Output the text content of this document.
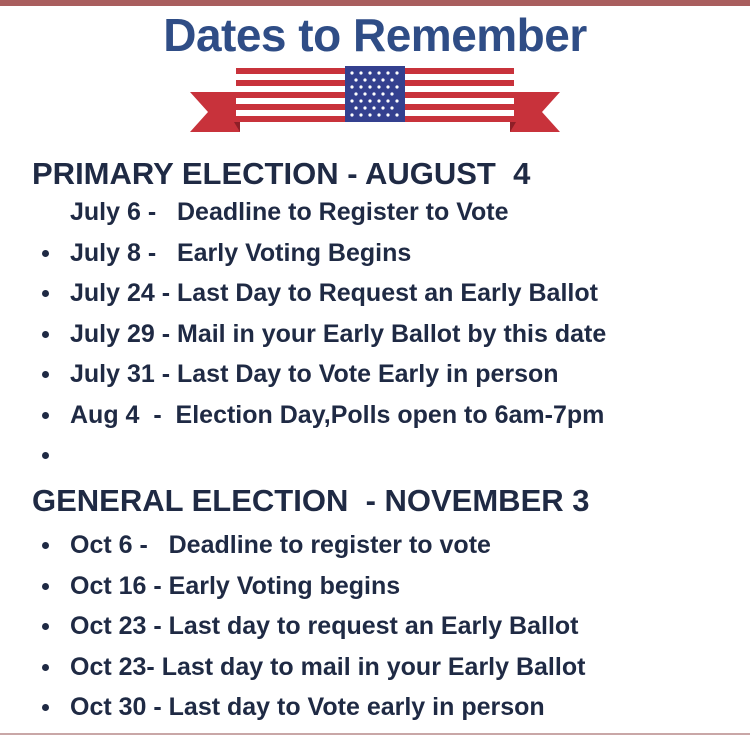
Dates to Remember
PRIMARY ELECTION - AUGUST  4
July 6 -   Deadline to Register to Vote
July 8 -   Early Voting Begins
July 24 - Last Day to Request an Early Ballot
July 29 - Mail in your Early Ballot by this date
July 31 - Last Day to Vote Early in person
Aug 4  -  Election Day,Polls open to 6am-7pm
GENERAL ELECTION  - NOVEMBER 3
Oct 6 -   Deadline to register to vote
Oct 16 - Early Voting begins
Oct 23 - Last day to request an Early Ballot
Oct 23- Last day to mail in your Early Ballot
Oct 30 - Last day to Vote early in person
